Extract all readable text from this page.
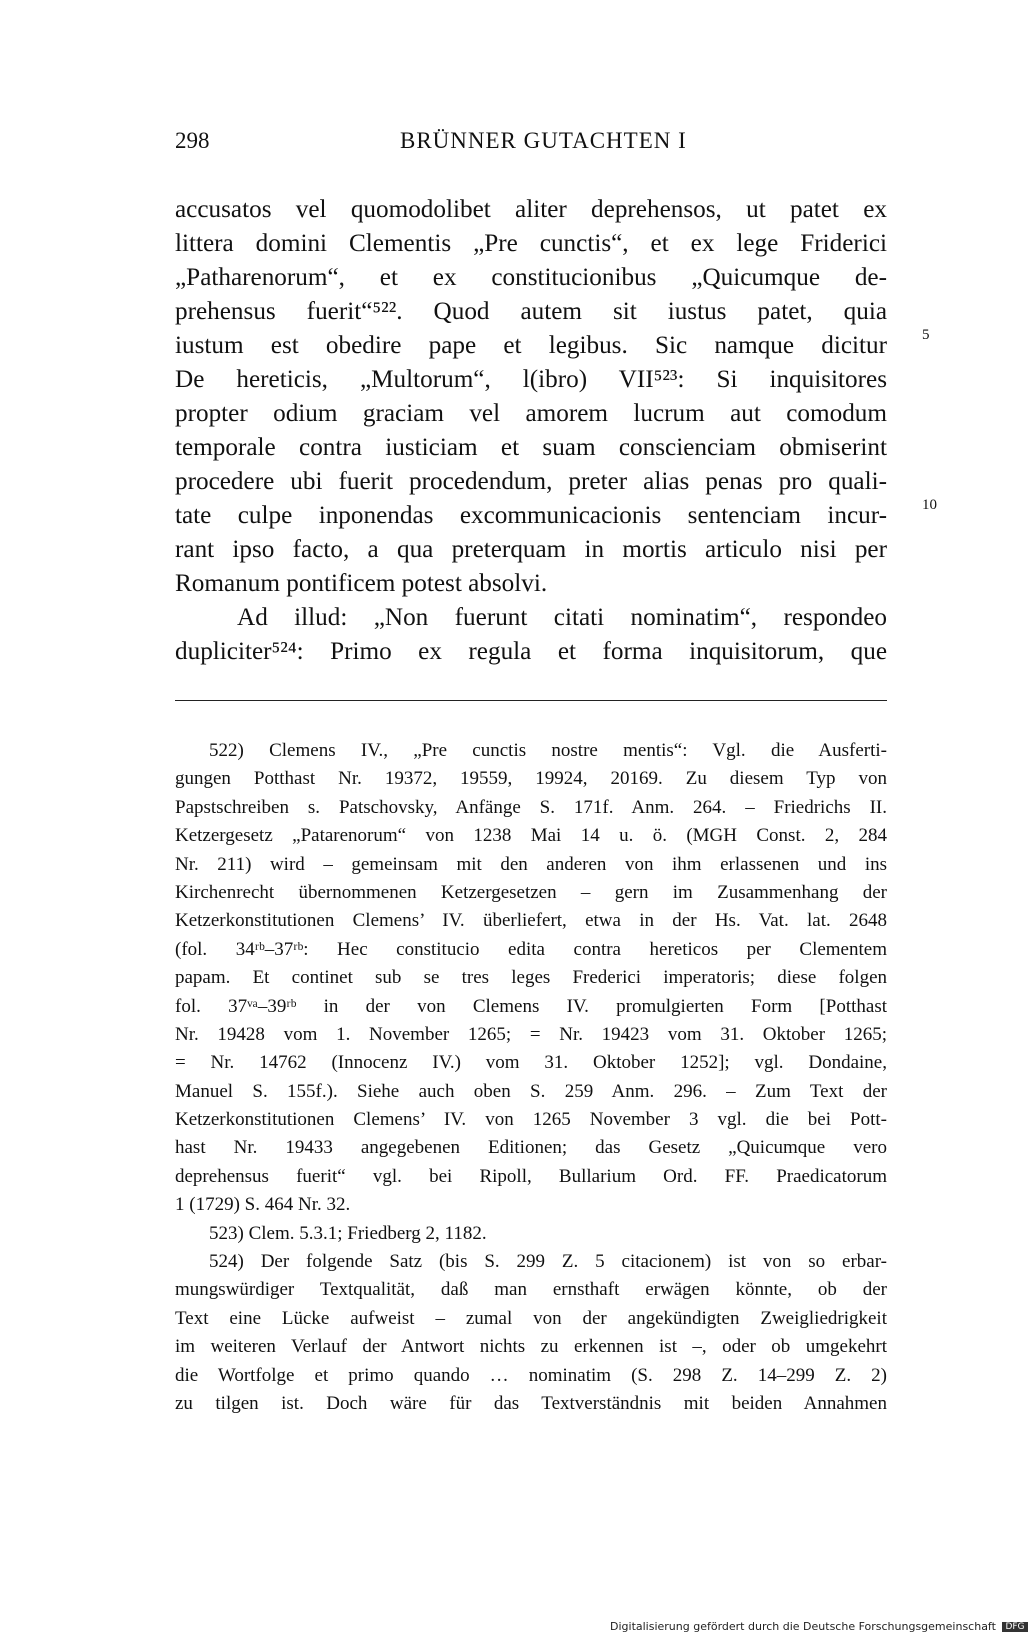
298	BRÜNNER GUTACHTEN I
accusatos vel quomodolibet aliter deprehensos, ut patet ex
littera domini Clementis „Pre cunctis“, et ex lege Friderici
„Patharenorum“, et ex constitucionibus „Quicumque de-
prehensus fuerit“⁵²². Quod autem sit iustus patet, quia
iustum est obedire pape et legibus. Sic namque dicitur
De hereticis, „Multorum“, l(ibro) VII⁵²³: Si inquisitores
propter odium graciam vel amorem lucrum aut comodum
temporale contra iusticiam et suam conscienciam obmiserint
procedere ubi fuerit procedendum, preter alias penas pro quali-
tate culpe inponendas excommunicacionis sentenciam incur-
rant ipso facto, a qua preterquam in mortis articulo nisi per
Romanum pontificem potest absolvi.
Ad illud: „Non fuerunt citati nominatim“, respondeo
dupliciter⁵²⁴: Primo ex regula et forma inquisitorum, que
5
10
522) Clemens IV., „Pre cunctis nostre mentis“: Vgl. die Ausferti-
gungen Potthast Nr. 19372, 19559, 19924, 20169. Zu diesem Typ von
Papstschreiben s. Patschovsky, Anfänge S. 171f. Anm. 264. – Friedrichs II.
Ketzergesetz „Patarenorum“ von 1238 Mai 14 u. ö. (MGH Const. 2, 284
Nr. 211) wird – gemeinsam mit den anderen von ihm erlassenen und ins
Kirchenrecht übernommenen Ketzergesetzen – gern im Zusammenhang der
Ketzerkonstitutionen Clemens’ IV. überliefert, etwa in der Hs. Vat. lat. 2648
(fol. 34ʳᵇ–37ʳᵇ: Hec constitucio edita contra hereticos per Clementem
papam. Et continet sub se tres leges Frederici imperatoris; diese folgen
fol. 37ᵛᵃ–39ʳᵇ in der von Clemens IV. promulgierten Form [Potthast
Nr. 19428 vom 1. November 1265; = Nr. 19423 vom 31. Oktober 1265;
= Nr. 14762 (Innocenz IV.) vom 31. Oktober 1252]; vgl. Dondaine,
Manuel S. 155f.). Siehe auch oben S. 259 Anm. 296. – Zum Text der
Ketzerkonstitutionen Clemens’ IV. von 1265 November 3 vgl. die bei Pott-
hast Nr. 19433 angegebenen Editionen; das Gesetz „Quicumque vero
deprehensus fuerit“ vgl. bei Ripoll, Bullarium Ord. FF. Praedicatorum
1 (1729) S. 464 Nr. 32.
523) Clem. 5.3.1; Friedberg 2, 1182.
524) Der folgende Satz (bis S. 299 Z. 5 citacionem) ist von so erbar-
mungswürdiger Textqualität, daß man ernsthaft erwägen könnte, ob der
Text eine Lücke aufweist – zumal von der angekündigten Zweigliedrigkeit
im weiteren Verlauf der Antwort nichts zu erkennen ist –, oder ob umgekehrt
die Wortfolge et primo quando … nominatim (S. 298 Z. 14–299 Z. 2)
zu tilgen ist. Doch wäre für das Textverständnis mit beiden Annahmen
Digitalisierung gefördert durch die Deutsche Forschungsgemeinschaft DFG
